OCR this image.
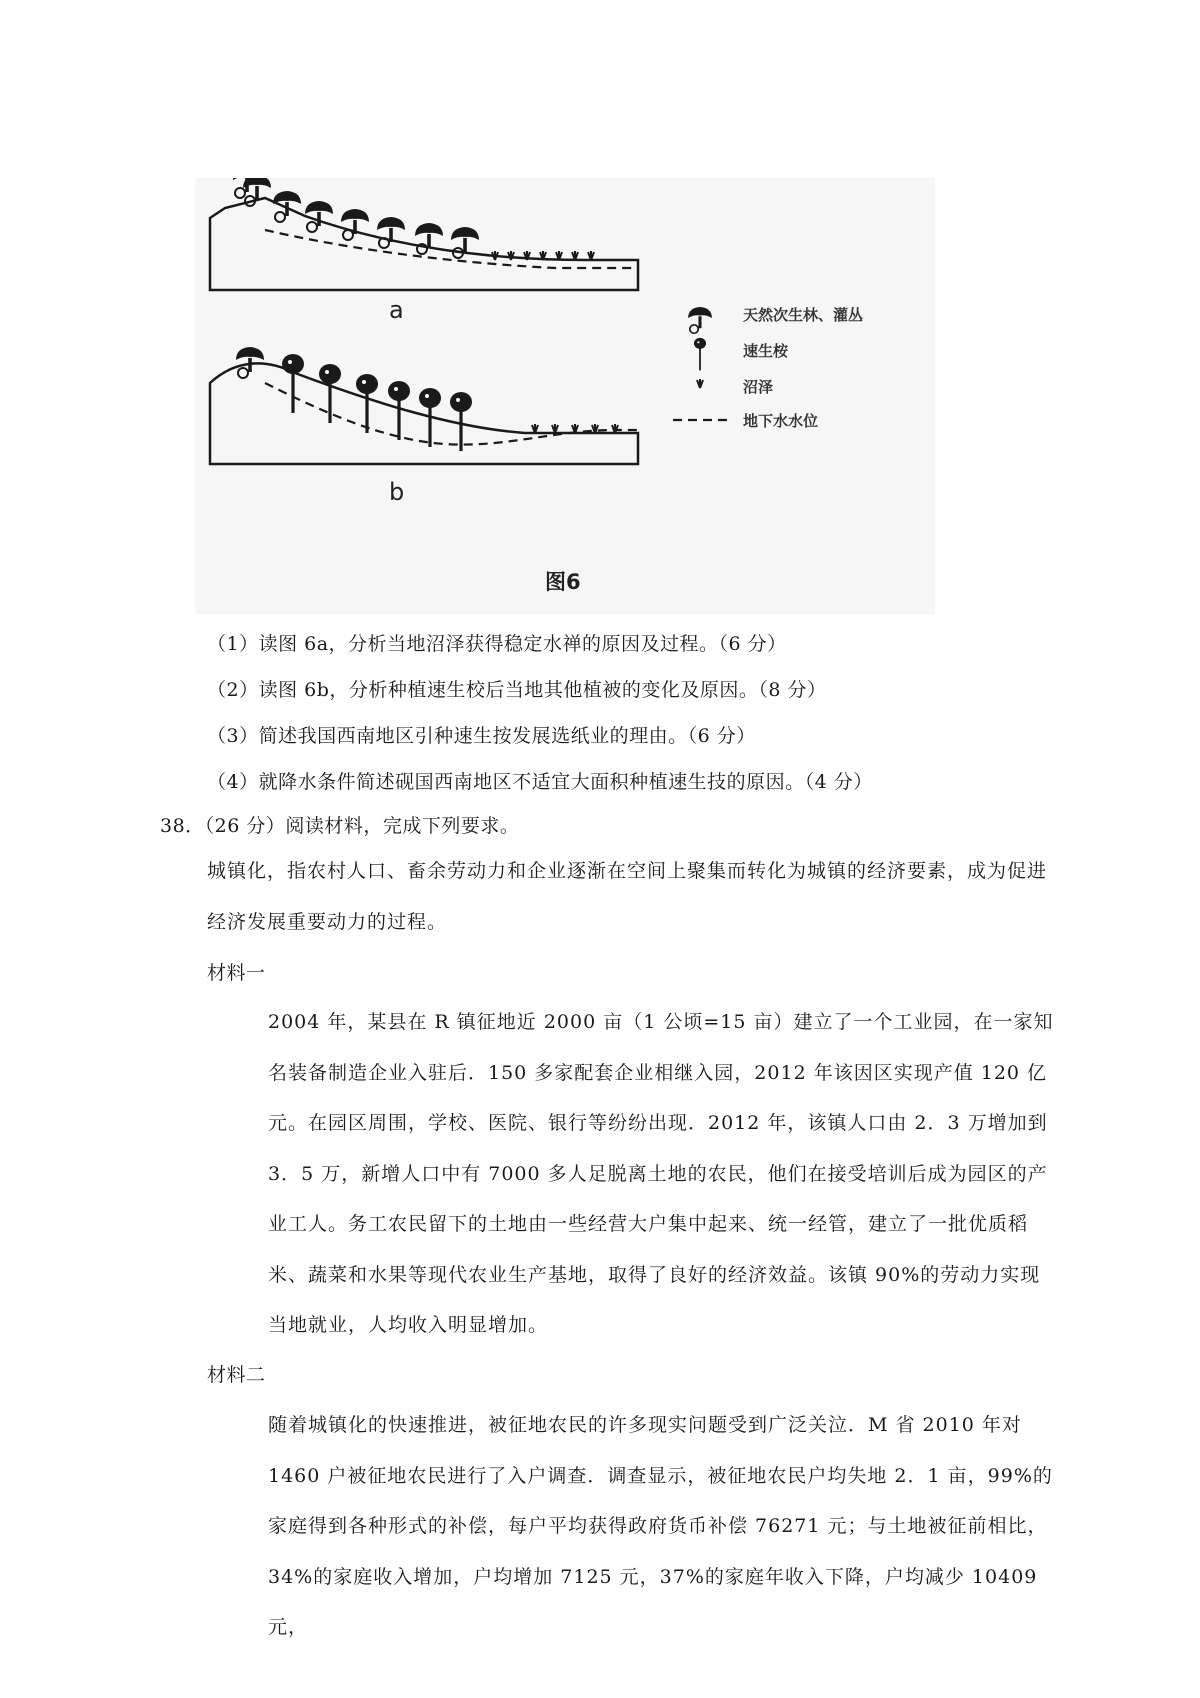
a
b
图6
天然次生林、灌丛
速生桉
沼泽
地下水水位
（1）读图 6a，分析当地沼泽获得稳定水禅的原因及过程。（6 分）
（2）读图 6b，分析种植速生校后当地其他植被的变化及原因。（8 分）
（3）简述我国西南地区引种速生按发展选纸业的理由。（6 分）
（4）就降水条件简述砚国西南地区不适宜大面积种植速生技的原因。（4 分）
38．（26 分）阅读材料，完成下列要求。
城镇化，指农村人口、畜余劳动力和企业逐渐在空间上聚集而转化为城镇的经济要素，成为促进经济发展重要动力的过程。
材料一
2004 年，某县在 R 镇征地近 2000 亩（1 公顷=15 亩）建立了一个工业园，在一家知名装备制造企业入驻后．150 多家配套企业相继入园，2012 年该因区实现产值 120 亿元。在园区周围，学校、医院、银行等纷纷出现．2012 年，该镇人口由 2．3 万增加到 3．5 万，新增人口中有 7000 多人足脱离土地的农民，他们在接受培训后成为园区的产业工人。务工农民留下的土地由一些经营大户集中起来、统一经管，建立了一批优质稻米、蔬菜和水果等现代农业生产基地，取得了良好的经济效益。该镇 90%的劳动力实现当地就业，人均收入明显增加。
材料二
随着城镇化的快速推进，被征地农民的许多现实问题受到广泛关泣．M 省 2010 年对 1460 户被征地农民进行了入户调查．调查显示，被征地农民户均失地 2．1 亩，99%的家庭得到各种形式的补偿，每户平均获得政府货币补偿 76271 元；与土地被征前相比，34%的家庭收入增加，户均增加 7125 元，37%的家庭年收入下降，户均减少 10409 元，
